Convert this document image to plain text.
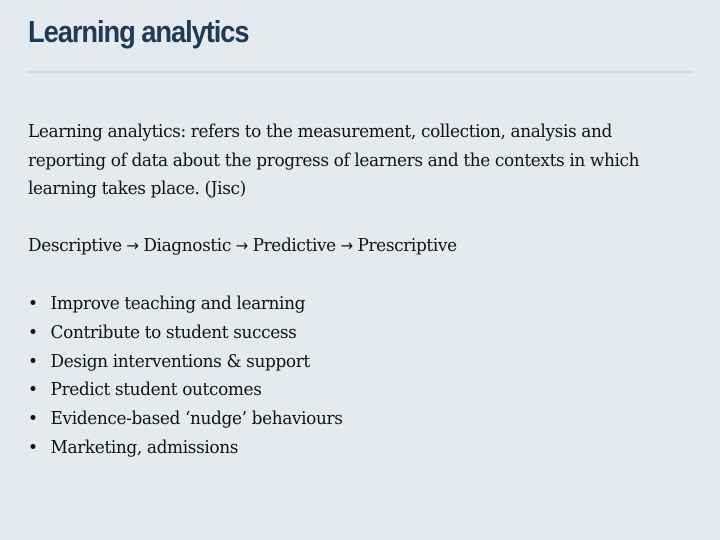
Learning analytics

Learning analytics: refers to the measurement, collection, analysis and reporting of data about the progress of learners and the contexts in which learning takes place. (Jisc)

Descriptive → Diagnostic → Predictive → Prescriptive

• Improve teaching and learning
• Contribute to student success
• Design interventions & support
• Predict student outcomes
• Evidence-based ‘nudge’ behaviours
• Marketing, admissions
